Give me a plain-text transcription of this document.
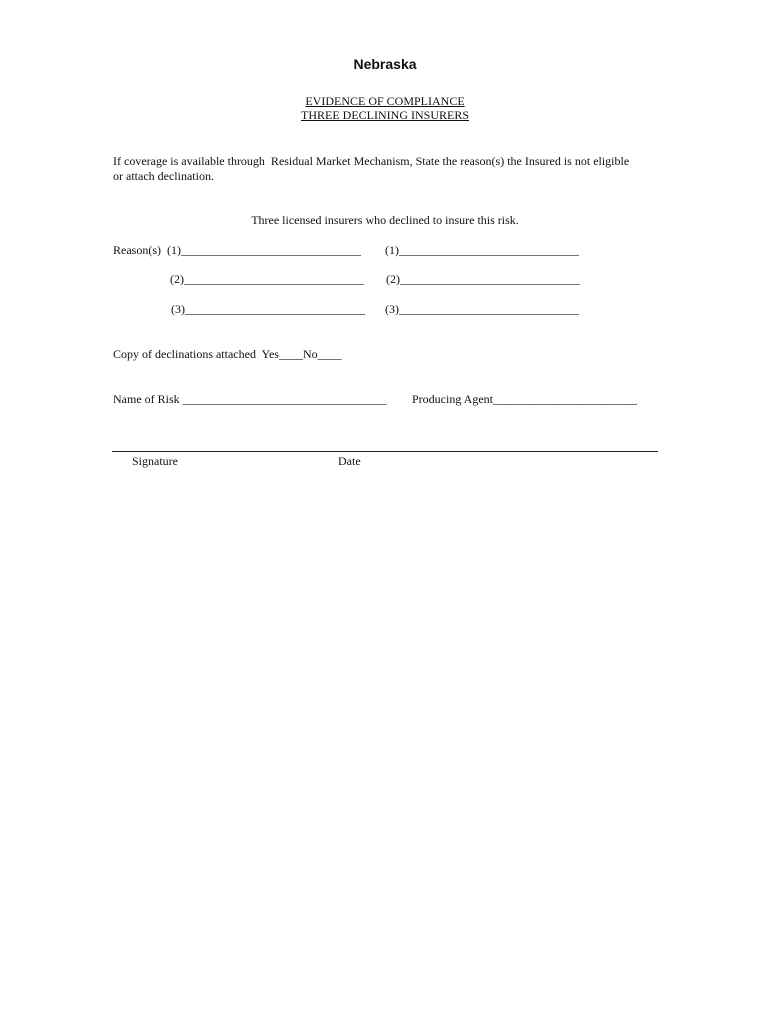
Nebraska
EVIDENCE OF COMPLIANCE
THREE DECLINING INSURERS
If coverage is available through  Residual Market Mechanism, State the reason(s) the Insured is not eligible
or attach declination.
Three licensed insurers who declined to insure this risk.
Reason(s)  (1)______________________________ (1)______________________________
(2)______________________________ (2)______________________________
(3)______________________________ (3)______________________________
Copy of declinations attached  Yes____No____
Name of Risk __________________________________ Producing Agent________________________
Signature	Date
